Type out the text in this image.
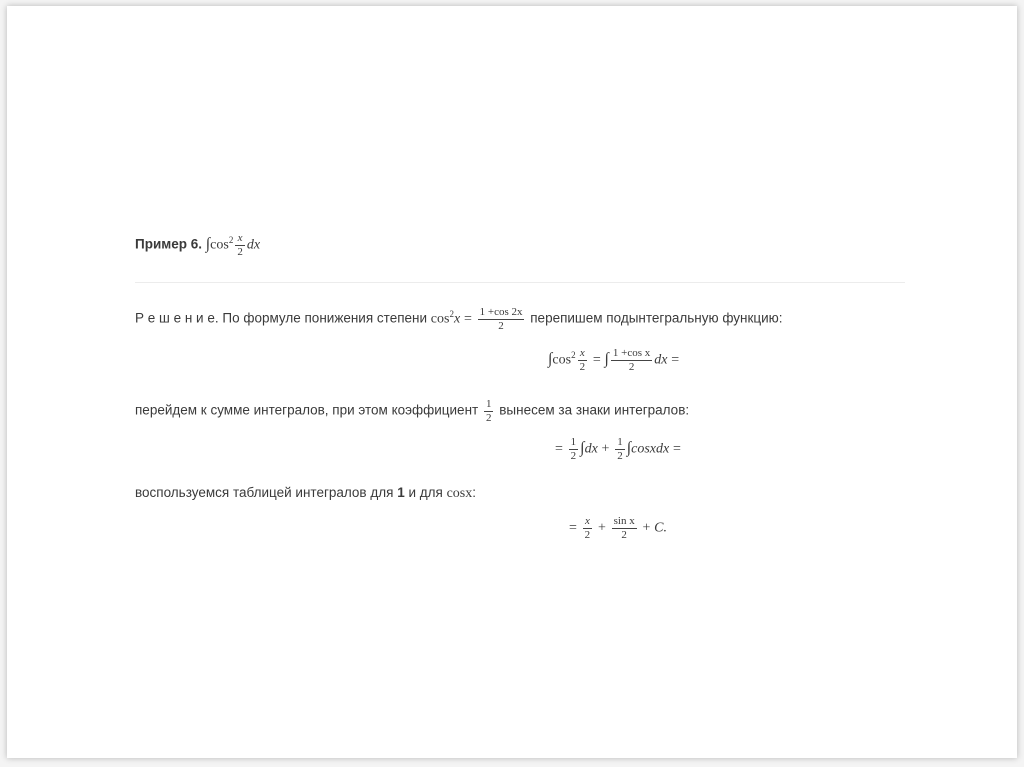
Пример 6. $\int\cos^2 \frac{x}{2}$ dx
Р е ш е н и е. По формуле понижения степени $\cos^2x = \frac{1 +\cos 2x}{2}$ перепишем подынтегральную функцию:
$\int\cos^2 \frac{x}{2}$ = ∫ $\frac{\text{1 +cos x}}{2}$ dx =
перейдем к сумме интегралов, при этом коэффициент $\frac{1}{2}$ вынесем за знаки интегралов:
= $\frac{1}{2} \int dx + \frac{1}{2}$ ∫cosxdx =
воспользуемся таблицей интегралов для 1 и для cosx:
= $\frac{x}{2} + \frac{\text{sin x}}{2} + C$.
